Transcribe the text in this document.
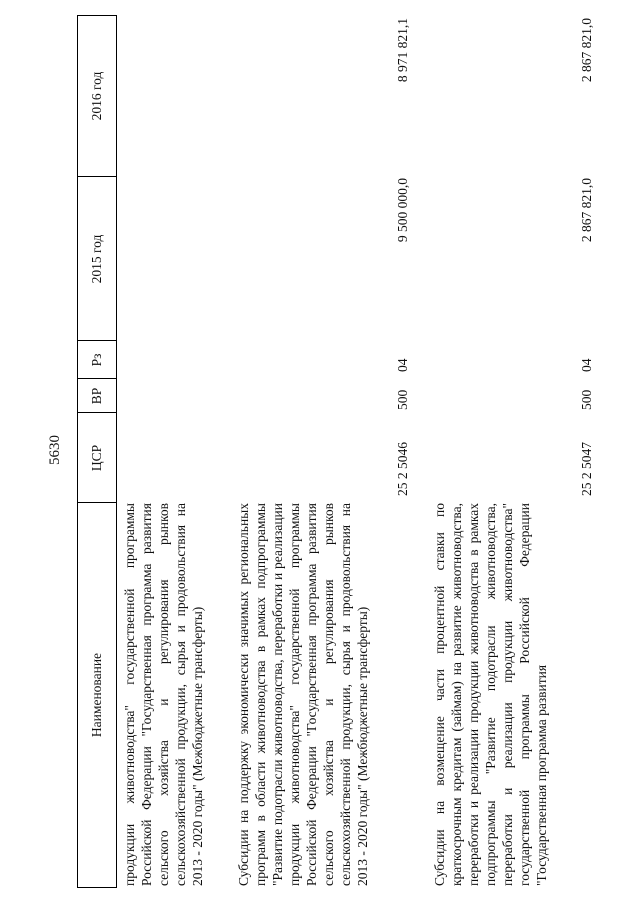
5630
Наименование
ЦСР
ВР
Рз
2015 год
2016 год
продукции животноводства" государственной программы Российской Федерации "Государственная программа развития сельского хозяйства и регулирования рынков сельскохозяйственной продукции, сырья и продовольствия на 2013 - 2020 годы" (Межбюджетные трансферты) Субсидии на поддержку экономически значимых региональных программ в области животноводства в рамках подпрограммы "Развитие подотрасли животноводства, переработки и реализации продукции животноводства" государственной программы Российской Федерации "Государственная программа развития сельского хозяйства и регулирования рынков сельскохозяйственной продукции, сырья и продовольствия на 2013 - 2020 годы" (Межбюджетные трансферты)
25 2 5046
500
04
9 500 000,0
8 971 821,1
Субсидии на возмещение части процентной ставки по краткосрочным кредитам (займам) на развитие животноводства, переработки и реализации продукции животноводства в рамках подпрограммы "Развитие подотрасли животноводства, переработки и реализации продукции животноводства" государственной программы Российской Федерации "Государственная программа развития
25 2 5047
500
04
2 867 821,0
2 867 821,0
